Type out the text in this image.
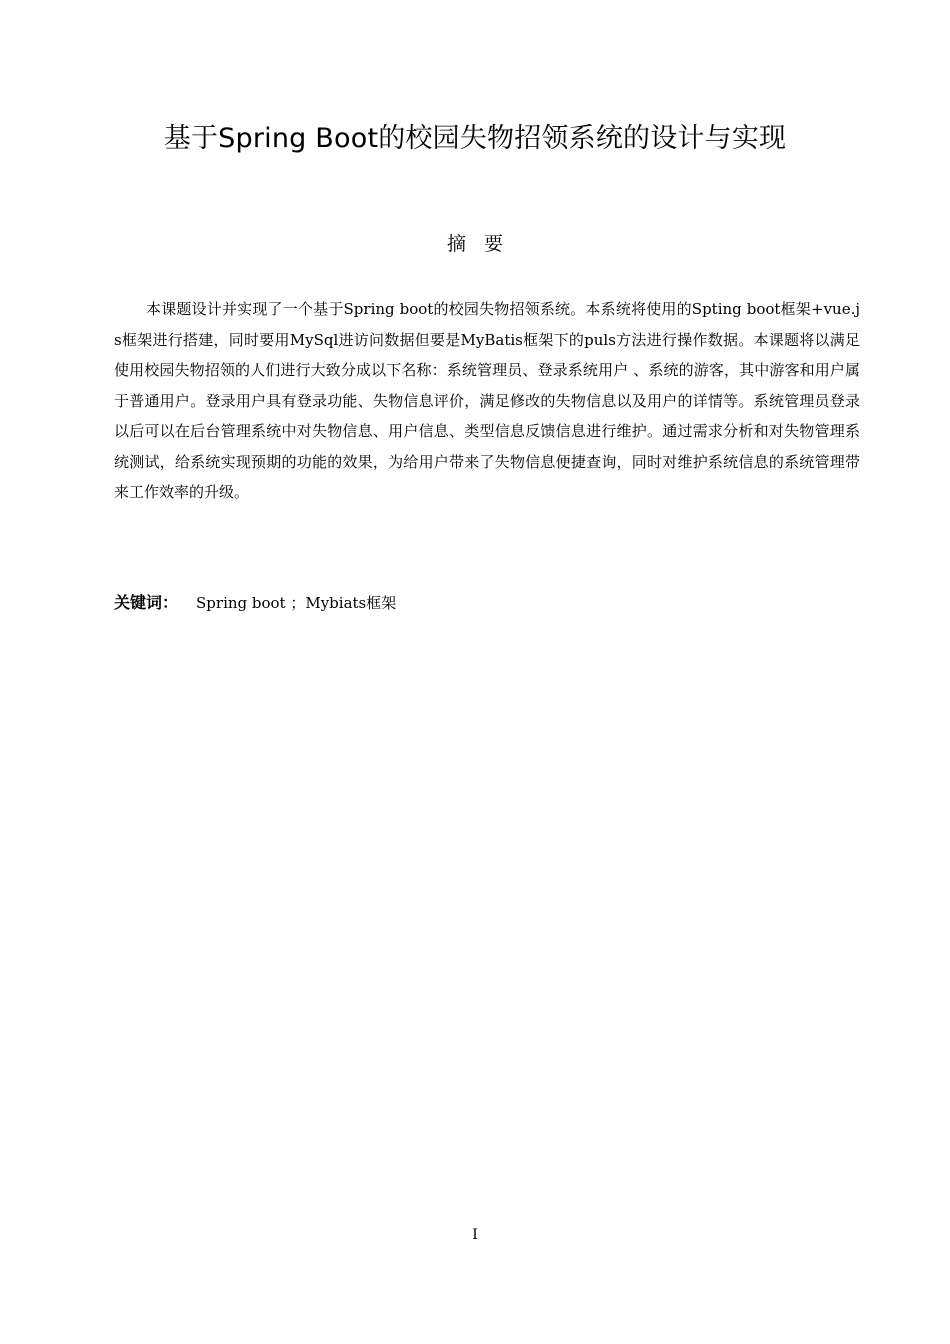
基于Spring Boot的校园失物招领系统的设计与实现
摘要

本课题设计并实现了一个基于Spring boot的校园失物招领系统。本系统将使用的Spting boot框架+vue.js框架进行搭建，同时要用MySql进访问数据但要是MyBatis框架下的puls方法进行操作数据。本课题将以满足使用校园失物招领的人们进行大致分成以下名称：系统管理员、登录系统用户 、系统的游客，其中游客和用户属于普通用户。登录用户具有登录功能、失物信息评价，满足修改的失物信息以及用户的详情等。系统管理员登录以后可以在后台管理系统中对失物信息、用户信息、类型信息反馈信息进行维护。通过需求分析和对失物管理系统测试，给系统实现预期的功能的效果，为给用户带来了失物信息便捷查询，同时对维护系统信息的系统管理带来工作效率的升级。

关键词： Spring boot ；Mybiats框架
I
